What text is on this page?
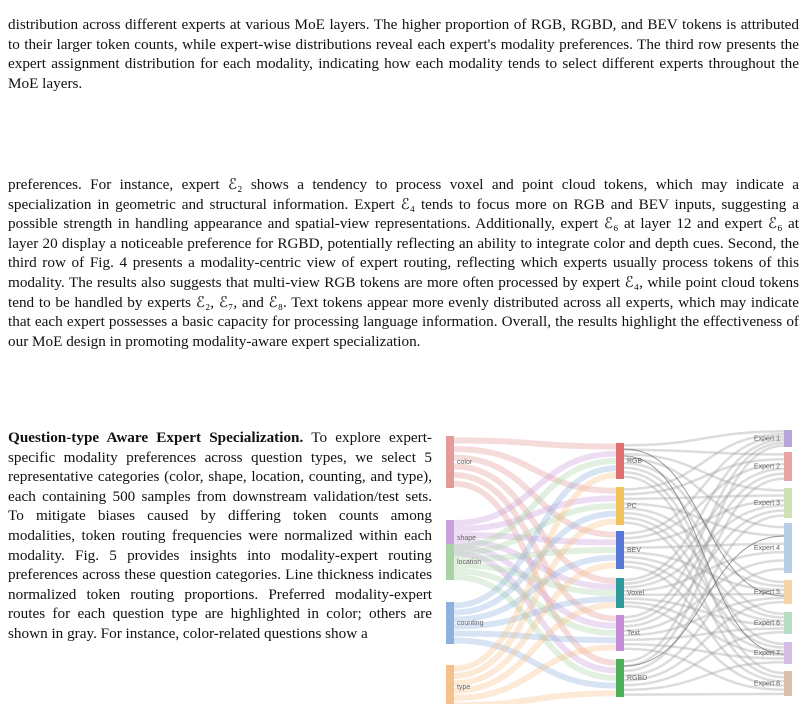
distribution across different experts at various MoE layers. The higher proportion of RGB, RGBD, and BEV tokens is attributed to their larger token counts, while expert-wise distributions reveal each expert's modality preferences. The third row presents the expert assignment distribution for each modality, indicating how each modality tends to select different experts throughout the MoE layers.

preferences. For instance, expert ℰ₂ shows a tendency to process voxel and point cloud tokens, which may indicate a specialization in geometric and structural information. Expert ℰ₄ tends to focus more on RGB and BEV inputs, suggesting a possible strength in handling appearance and spatial-view representations. Additionally, expert ℰ₆ at layer 12 and expert ℰ₆ at layer 20 display a noticeable preference for RGBD, potentially reflecting an ability to integrate color and depth cues. Second, the third row of Fig. 4 presents a modality-centric view of expert routing, reflecting which experts usually process tokens of this modality. The results also suggests that multi-view RGB tokens are more often processed by expert ℰ₄, while point cloud tokens tend to be handled by experts ℰ₂, ℰ₇, and ℰ₈. Text tokens appear more evenly distributed across all experts, which may indicate that each expert possesses a basic capacity for processing language information. Overall, the results highlight the effectiveness of our MoE design in promoting modality-aware expert specialization.

Question-type Aware Expert Specialization. To explore expert-specific modality preferences across question types, we select 5 representative categories (color, shape, location, counting, and type), each containing 500 samples from downstream validation/test sets. To mitigate biases caused by differing token counts among modalities, token routing frequencies were normalized within each modality. Fig. 5 provides insights into modality-expert routing preferences across these question categories. Line thickness indicates normalized token routing proportions. Preferred modality-expert routes for each question type are highlighted in color; others are shown in gray. For instance, color-related questions show a

color
shape
location
counting
type
RGB
PC
BEV
Voxel
Text
RGBD
Expert 1
Expert 2
Expert 3
Expert 4
Expert 5
Expert 6
Expert 7
Expert 8
